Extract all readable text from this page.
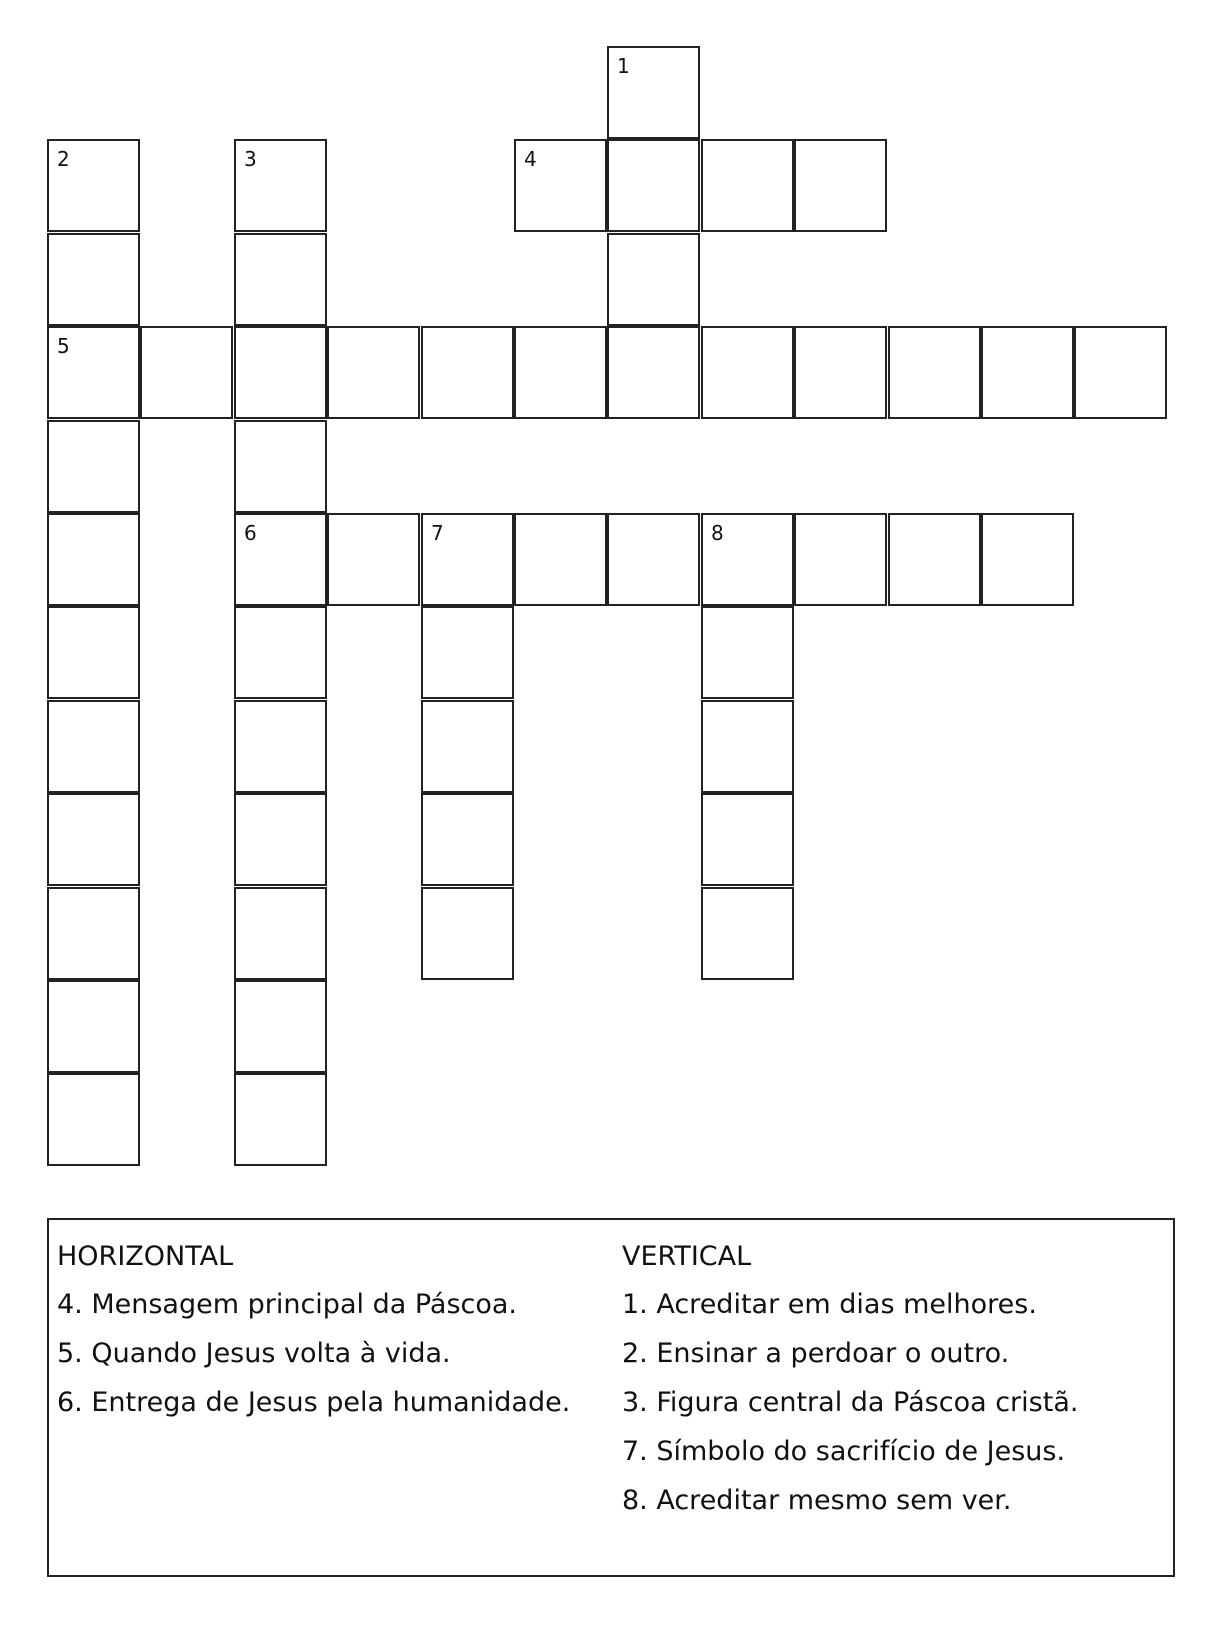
1
2	3	4
5
6	7	8
HORIZONTAL
4. Mensagem principal da Páscoa.
5. Quando Jesus volta à vida.
6. Entrega de Jesus pela humanidade.
VERTICAL
1. Acreditar em dias melhores.
2. Ensinar a perdoar o outro.
3. Figura central da Páscoa cristã.
7. Símbolo do sacrifício de Jesus.
8. Acreditar mesmo sem ver.
